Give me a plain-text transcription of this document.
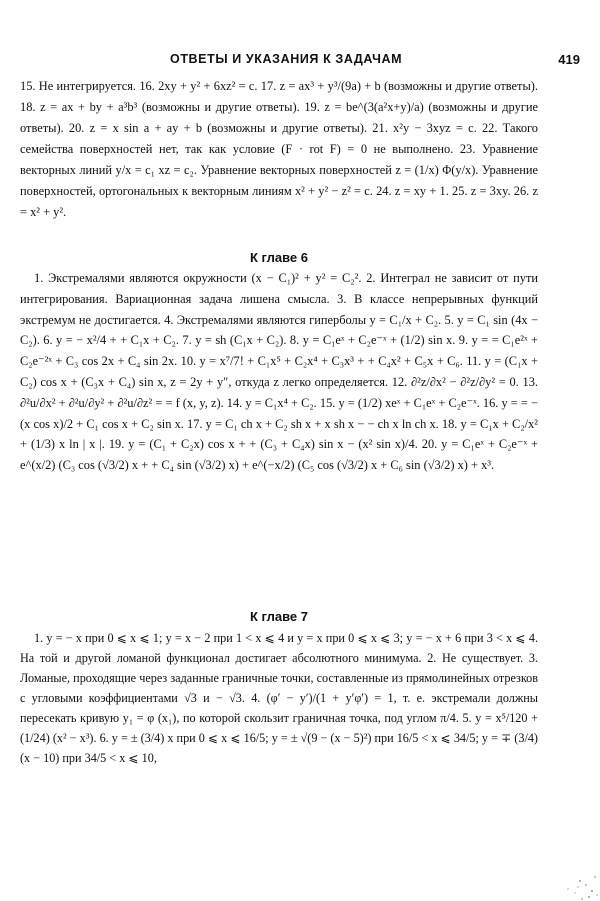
ОТВЕТЫ И УКАЗАНИЯ К ЗАДАЧАМ	419

15. Не интегрируется. 16. 2xy + y² + 6xz² = c. 17. z = ax³ + y³/(9a) + b (возможны и другие ответы). 18. z = ax + by + a³b³ (возможны и другие ответы). 19. z = be^(3(a²x+y)/a) (возможны и другие ответы). 20. z = x sin a + ay + b (возможны и другие ответы). 21. x²y − 3xyz = c. 22. Такого семейства поверхностей нет, так как условие (F · rot F) = 0 не выполнено. 23. Уравнение векторных линий y/x = c₁ xz = c₂. Уравнение векторных поверхностей z = (1/x) Φ(y/x). Уравнение поверхностей, ортогональных к векторным линиям x² + y² − z² = c. 24. z = xy + 1. 25. z = 3xy. 26. z = x² + y².

К главе 6

1. Экстремалями являются окружности (x − C₁)² + y² = C₂². 2. Интеграл не зависит от пути интегрирования. Вариационная задача лишена смысла. 3. В классе непрерывных функций экстремум не достигается. 4. Экстремалями являются гиперболы y = C₁/x + C₂. 5. y = C₁ sin (4x − C₂). 6. y = − x²/4 + + C₁x + C₂. 7. y = sh (C₁x + C₂). 8. y = C₁eˣ + C₂e⁻ˣ + (1/2) sin x. 9. y = = C₁e²ˣ + C₂e⁻²ˣ + C₃ cos 2x + C₄ sin 2x. 10. y = x⁷/7! + C₁x⁵ + C₂x⁴ + C₃x³ + + C₄x² + C₅x + C₆. 11. y = (C₁x + C₂) cos x + (C₃x + C₄) sin x, z = 2y + y″, откуда z легко определяется. 12. ∂²z/∂x² − ∂²z/∂y² = 0. 13. ∂²u/∂x² + ∂²u/∂y² + ∂²u/∂z² = = f (x, y, z). 14. y = C₁x⁴ + C₂. 15. y = (1/2) xeˣ + C₁eˣ + C₂e⁻ˣ. 16. y = = − (x cos x)/2 + C₁ cos x + C₂ sin x. 17. y = C₁ ch x + C₂ sh x + x sh x − − ch x ln ch x. 18. y = C₁x + C₂/x² + (1/3) x ln | x |. 19. y = (C₁ + C₂x) cos x + + (C₃ + C₄x) sin x − (x² sin x)/4. 20. y = C₁eˣ + C₂e⁻ˣ + e^(x/2) (C₃ cos (√3/2) x + + C₄ sin (√3/2) x) + e^(−x/2) (C₅ cos (√3/2) x + C₆ sin (√3/2) x) + x³.

К главе 7

1. y = − x при 0 ⩽ x ⩽ 1; y = x − 2 при 1 < x ⩽ 4 и y = x при 0 ⩽ x ⩽ 3; y = − x + 6 при 3 < x ⩽ 4. На той и другой ломаной функционал достигает абсолютного минимума. 2. Не существует. 3. Ломаные, проходящие через заданные граничные точки, составленные из прямолинейных отрезков с угловыми коэффициентами √3 и − √3. 4. (φ′ − y′)/(1 + y′φ′) = 1, т. е. экстремали должны пересекать кривую y₁ = φ (x₁), по которой скользит граничная точка, под углом π/4. 5. y = x⁵/120 + (1/24) (x² − x³). 6. y = ± (3/4) x при 0 ⩽ x ⩽ 16/5; y = ± √(9 − (x − 5)²) при 16/5 < x ⩽ 34/5; y = ∓ (3/4) (x − 10) при 34/5 < x ⩽ 10,
